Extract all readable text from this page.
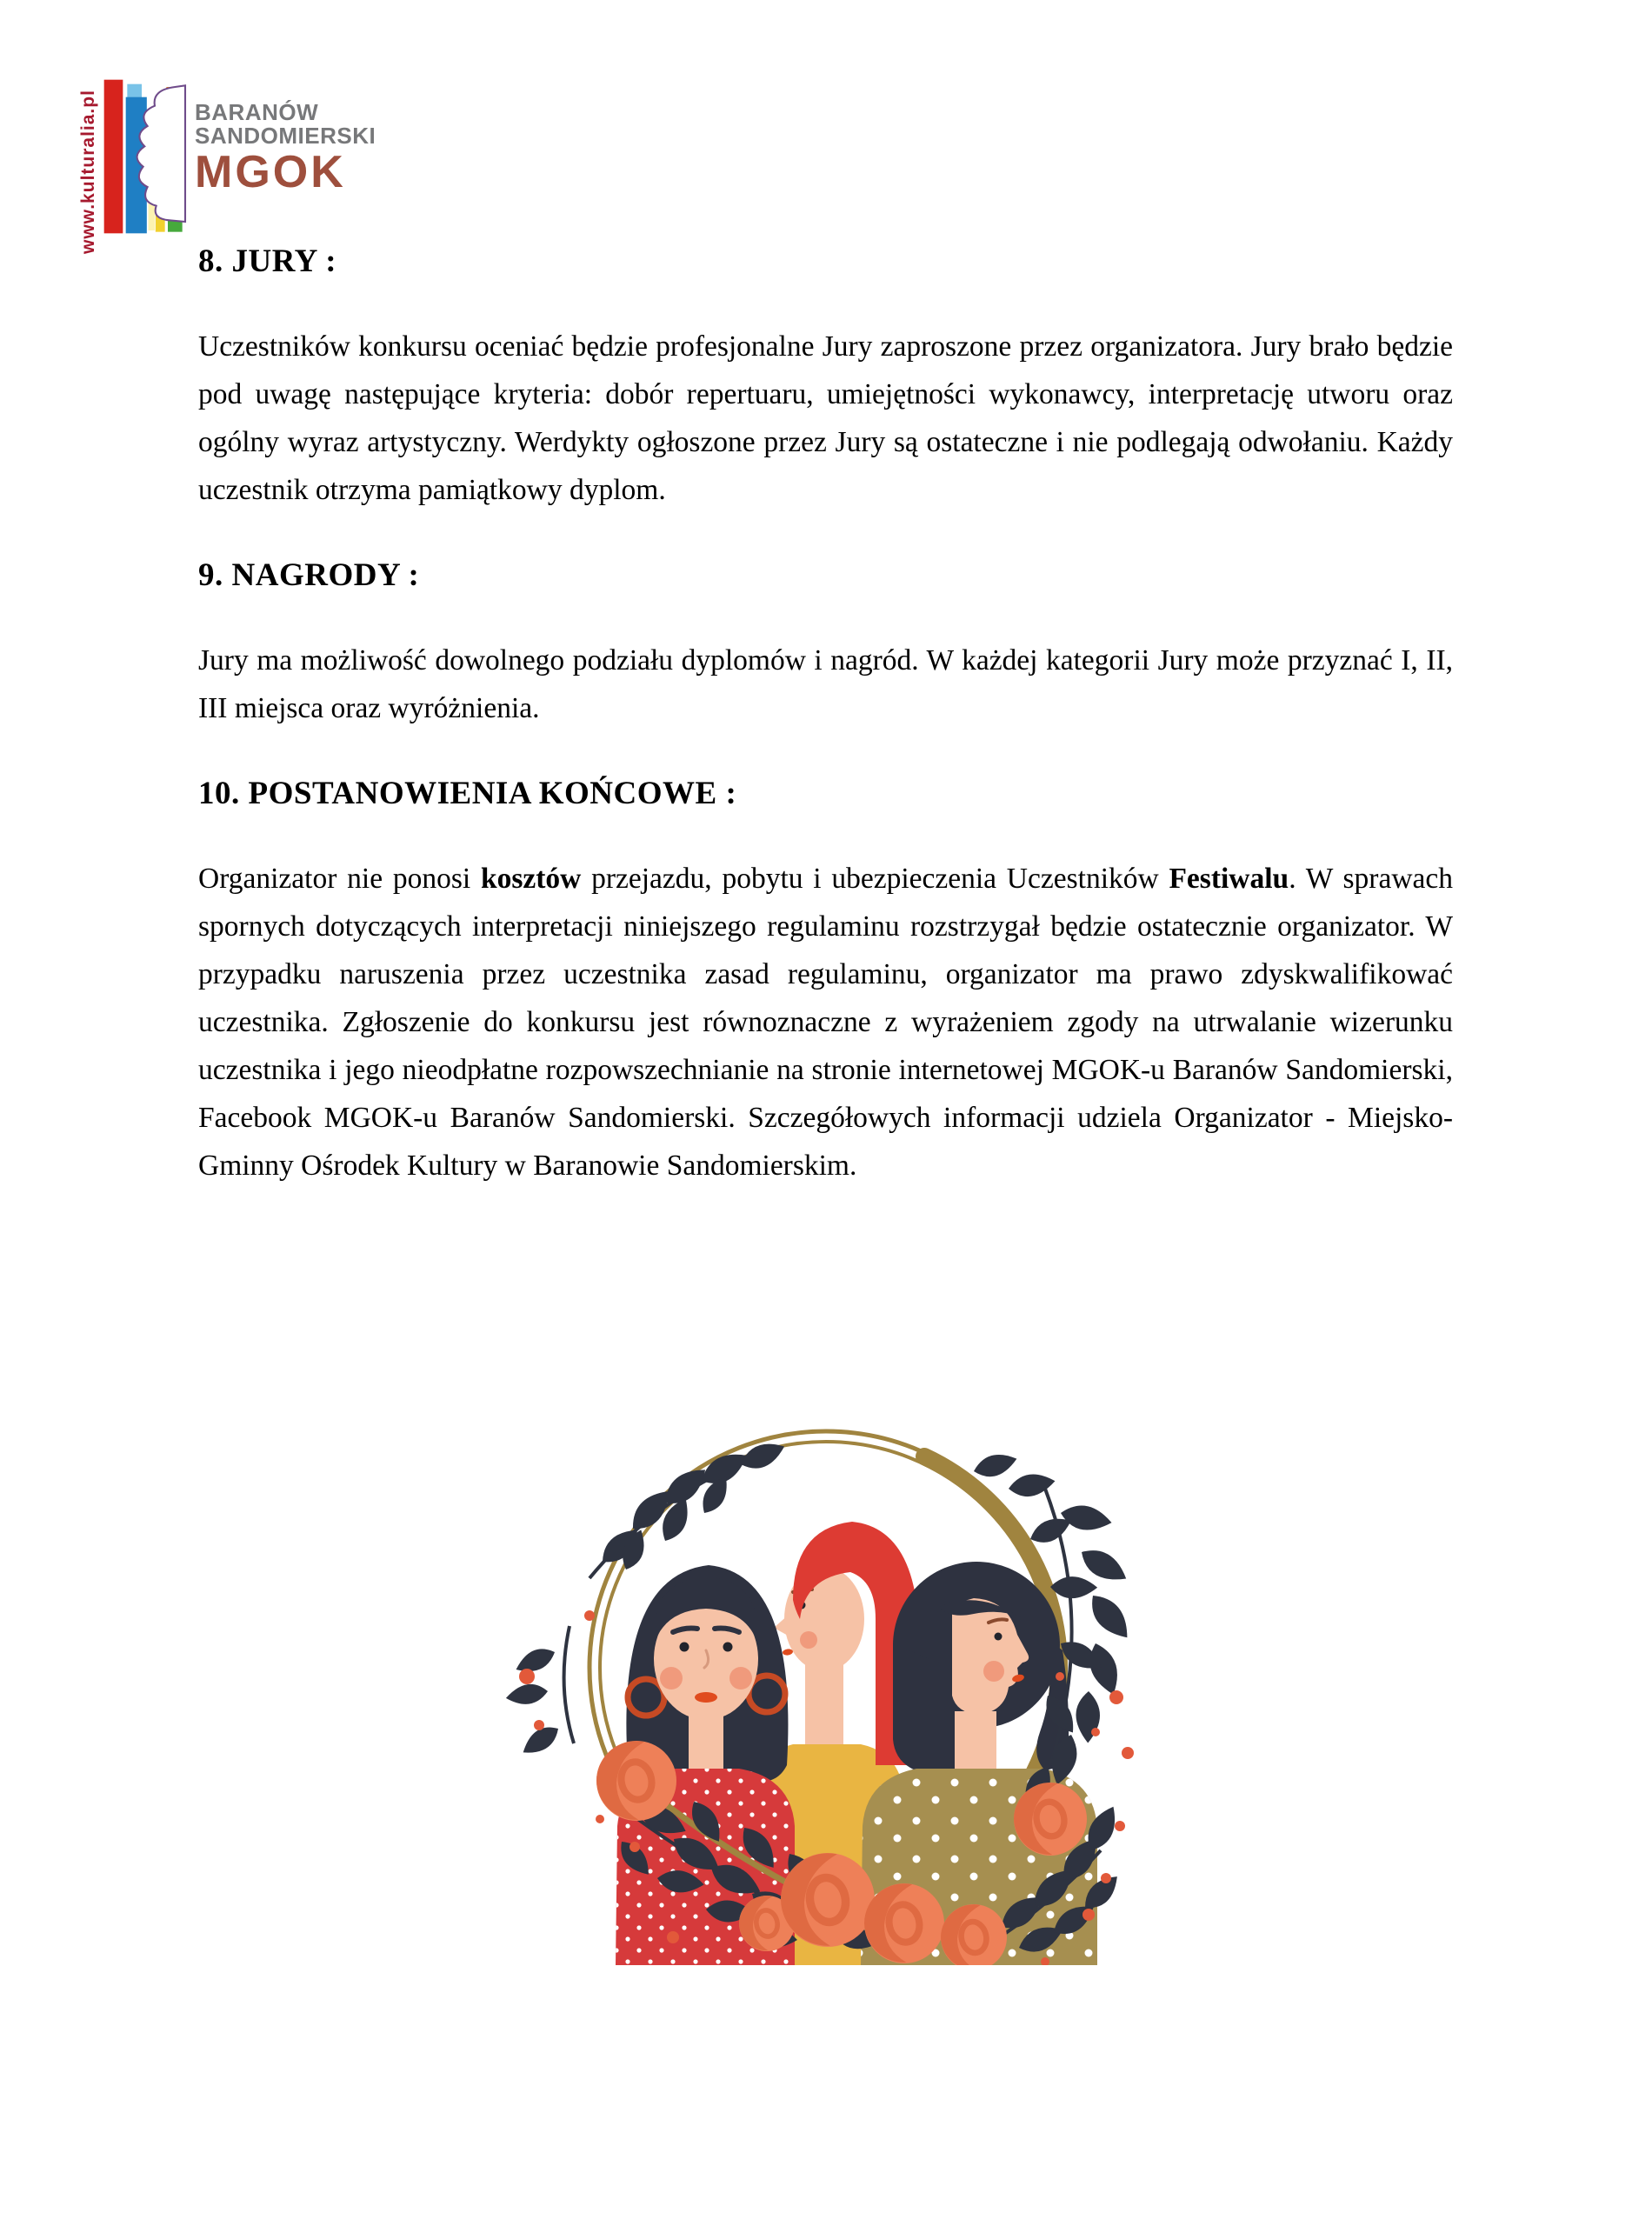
www.kulturalia.pl	BARANÓW
SANDOMIERSKI
MGOK
8. JURY :

Uczestników konkursu oceniać będzie profesjonalne Jury zaproszone przez organizatora. Jury brało będzie pod uwagę następujące kryteria: dobór repertuaru, umiejętności wykonawcy, interpretację utworu oraz ogólny wyraz artystyczny. Werdykty ogłoszone przez Jury są ostateczne i nie podlegają odwołaniu. Każdy uczestnik otrzyma pamiątkowy dyplom.

9. NAGRODY :

Jury ma możliwość dowolnego podziału dyplomów i nagród. W każdej kategorii Jury może przyznać I, II, III miejsca oraz wyróżnienia.

10. POSTANOWIENIA KOŃCOWE :

Organizator nie ponosi kosztów przejazdu, pobytu i ubezpieczenia Uczestników Festiwalu. W sprawach spornych dotyczących interpretacji niniejszego regulaminu rozstrzygał będzie ostatecznie organizator. W przypadku naruszenia przez uczestnika zasad regulaminu, organizator ma prawo zdyskwalifikować uczestnika. Zgłoszenie do konkursu jest równoznaczne z wyrażeniem zgody na utrwalanie wizerunku uczestnika i jego nieodpłatne rozpowszechnianie na stronie internetowej MGOK-u Baranów Sandomierski, Facebook MGOK-u Baranów Sandomierski. Szczegółowych informacji udziela Organizator - Miejsko-Gminny Ośrodek Kultury w Baranowie Sandomierskim.
